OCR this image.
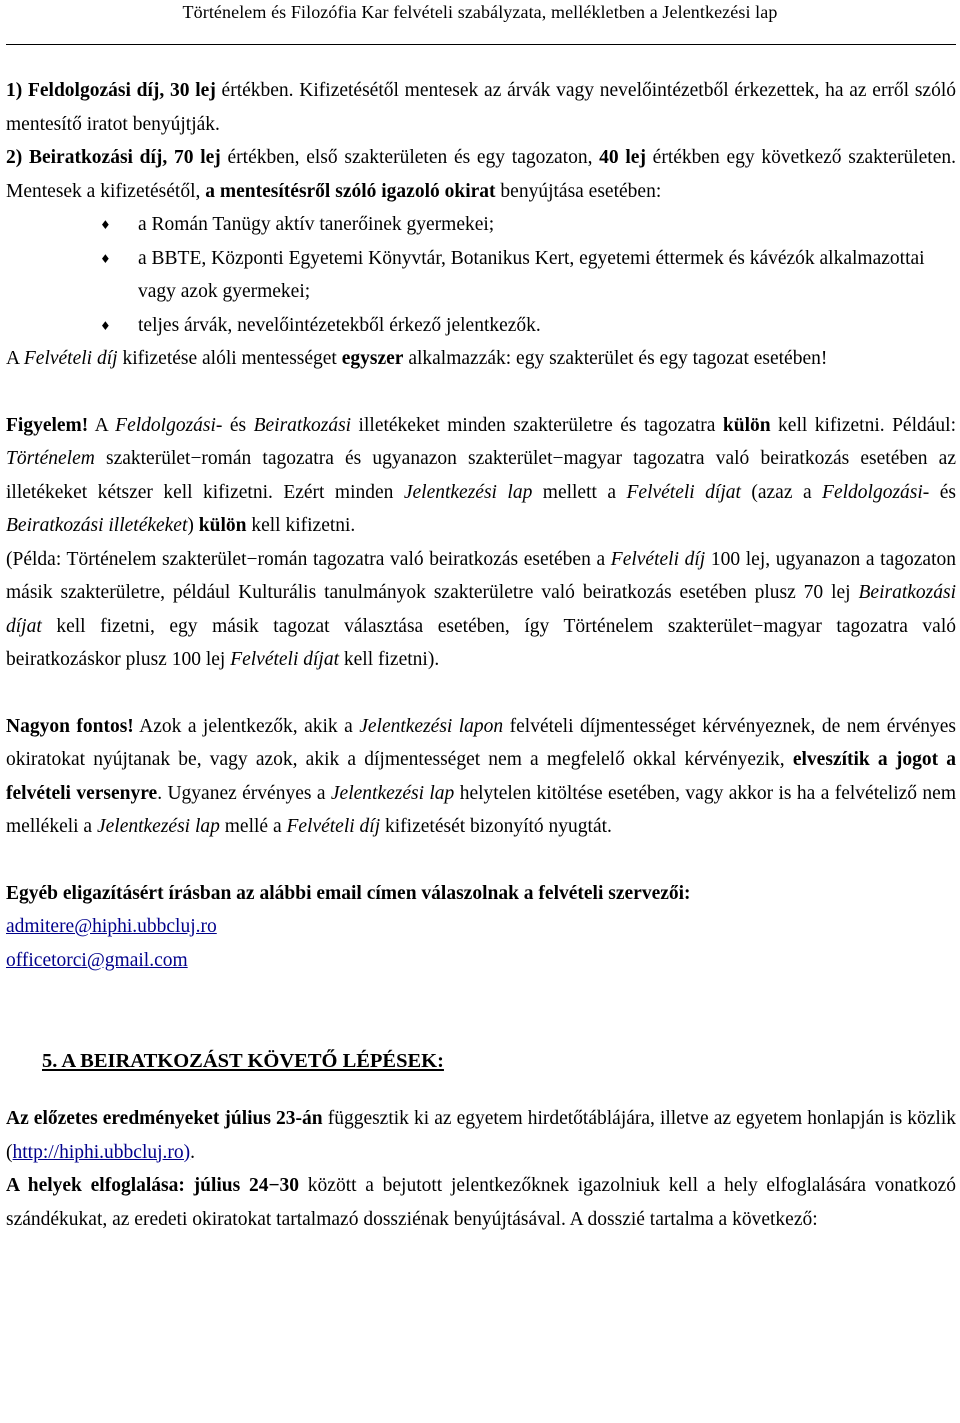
Történelem és Filozófia Kar felvételi szabályzata, mellékletben a Jelentkezési lap

1) Feldolgozási díj, 30 lej értékben. Kifizetésétől mentesek az árvák vagy nevelőintézetből érkezettek, ha az erről szóló mentesítő iratot benyújtják.

2) Beiratkozási díj, 70 lej értékben, első szakterületen és egy tagozaton, 40 lej értékben egy következő szakterületen. Mentesek a kifizetésétől, a mentesítésről szóló igazoló okirat benyújtása esetében:

♦ a Román Tanügy aktív tanerőinek gyermekei;
♦ a BBTE, Központi Egyetemi Könyvtár, Botanikus Kert, egyetemi éttermek és kávézók alkalmazottai vagy azok gyermekei;
♦ teljes árvák, nevelőintézetekből érkező jelentkezők.

A Felvételi díj kifizetése alóli mentességet egyszer alkalmazzák: egy szakterület és egy tagozat esetében!

Figyelem! A Feldolgozási- és Beiratkozási illetékeket minden szakterületre és tagozatra külön kell kifizetni. Például: Történelem szakterület−román tagozatra és ugyanazon szakterület−magyar tagozatra való beiratkozás esetében az illetékeket kétszer kell kifizetni. Ezért minden Jelentkezési lap mellett a Felvételi díjat (azaz a Feldolgozási- és Beiratkozási illetékeket) külön kell kifizetni.

(Példa: Történelem szakterület−román tagozatra való beiratkozás esetében a Felvételi díj 100 lej, ugyanazon a tagozaton másik szakterületre, például Kulturális tanulmányok szakterületre való beiratkozás esetében plusz 70 lej Beiratkozási díjat kell fizetni, egy másik tagozat választása esetében, így Történelem szakterület−magyar tagozatra való beiratkozáskor plusz 100 lej Felvételi díjat kell fizetni).

Nagyon fontos! Azok a jelentkezők, akik a Jelentkezési lapon felvételi díjmentességet kérvényeznek, de nem érvényes okiratokat nyújtanak be, vagy azok, akik a díjmentességet nem a megfelelő okkal kérvényezik, elveszítik a jogot a felvételi versenyre. Ugyanez érvényes a Jelentkezési lap helytelen kitöltése esetében, vagy akkor is ha a felvételiző nem mellékeli a Jelentkezési lap mellé a Felvételi díj kifizetését bizonyító nyugtát.

Egyéb eligazításért írásban az alábbi email címen válaszolnak a felvételi szervezői:

admitere@hiphi.ubbcluj.ro

officetorci@gmail.com

5. A BEIRATKOZÁST KÖVETŐ LÉPÉSEK:

Az előzetes eredményeket július 23-án függesztik ki az egyetem hirdetőtáblájára, illetve az egyetem honlapján is közlik (http://hiphi.ubbcluj.ro).

A helyek elfoglalása: július 24−30 között a bejutott jelentkezőknek igazolniuk kell a hely elfoglalására vonatkozó szándékukat, az eredeti okiratokat tartalmazó dossziénak benyújtásával. A dosszié tartalma a következő:
